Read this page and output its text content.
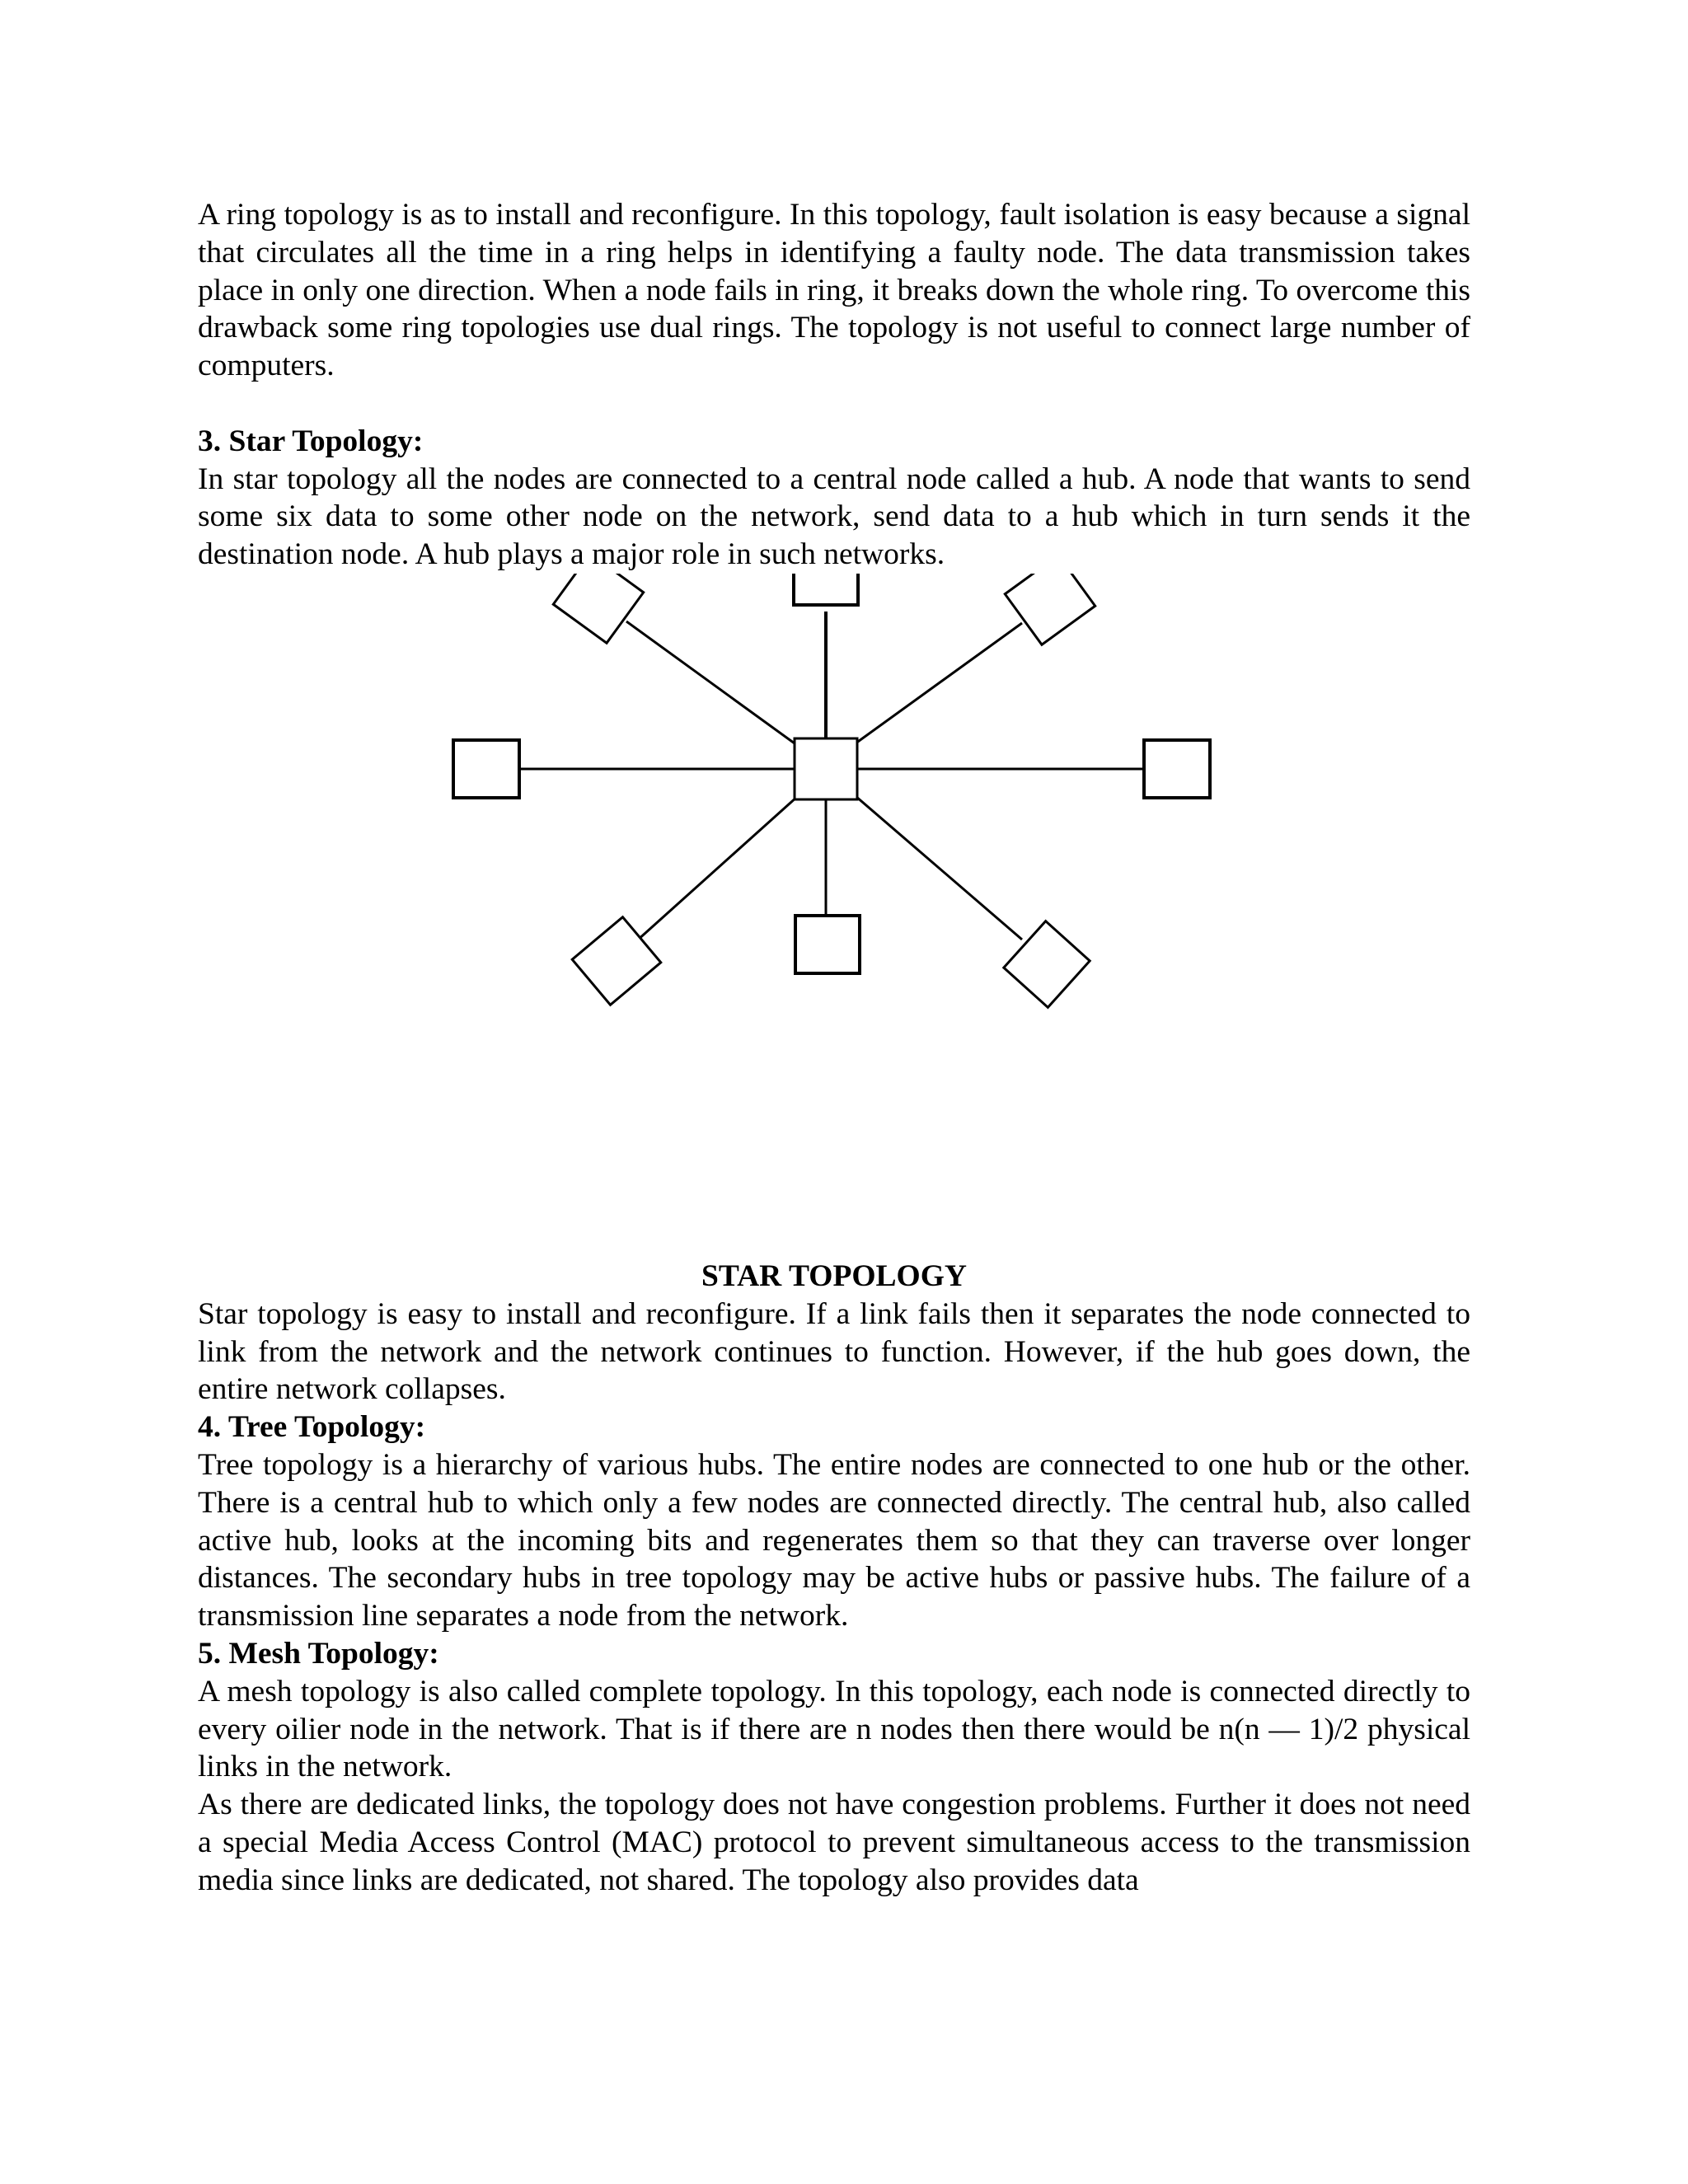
A ring topology is as to install and reconfigure. In this topology, fault isolation is easy because a signal that circulates all the time in a ring helps in identifying a faulty node. The data transmission takes place in only one direction. When a node fails in ring, it breaks down the whole ring. To overcome this drawback some ring topologies use dual rings. The topology is not useful to connect large number of computers.

3. Star Topology:

In star topology all the nodes are connected to a central node called a hub. A node that wants to send some six data to some other node on the network, send data to a hub which in turn sends it the destination node. A hub plays a major role in such networks.

STAR TOPOLOGY

Star topology is easy to install and reconfigure. If a link fails then it separates the node connected to link from the network and the network continues to function. However, if the hub goes down, the entire network collapses.

4. Tree Topology:

Tree topology is a hierarchy of various hubs. The entire nodes are connected to one hub or the other. There is a central hub to which only a few nodes are connected directly. The central hub, also called active hub, looks at the incoming bits and regenerates them so that they can traverse over longer distances. The secondary hubs in tree topology may be active hubs or passive hubs. The failure of a transmission line separates a node from the network.

5. Mesh Topology:

A mesh topology is also called complete topology. In this topology, each node is connected directly to every oilier node in the network. That is if there are n nodes then there would be n(n — 1)/2 physical links in the network.

As there are dedicated links, the topology does not have congestion problems. Further it does not need a special Media Access Control (MAC) protocol to prevent simultaneous access to the transmission media since links are dedicated, not shared. The topology also provides data
